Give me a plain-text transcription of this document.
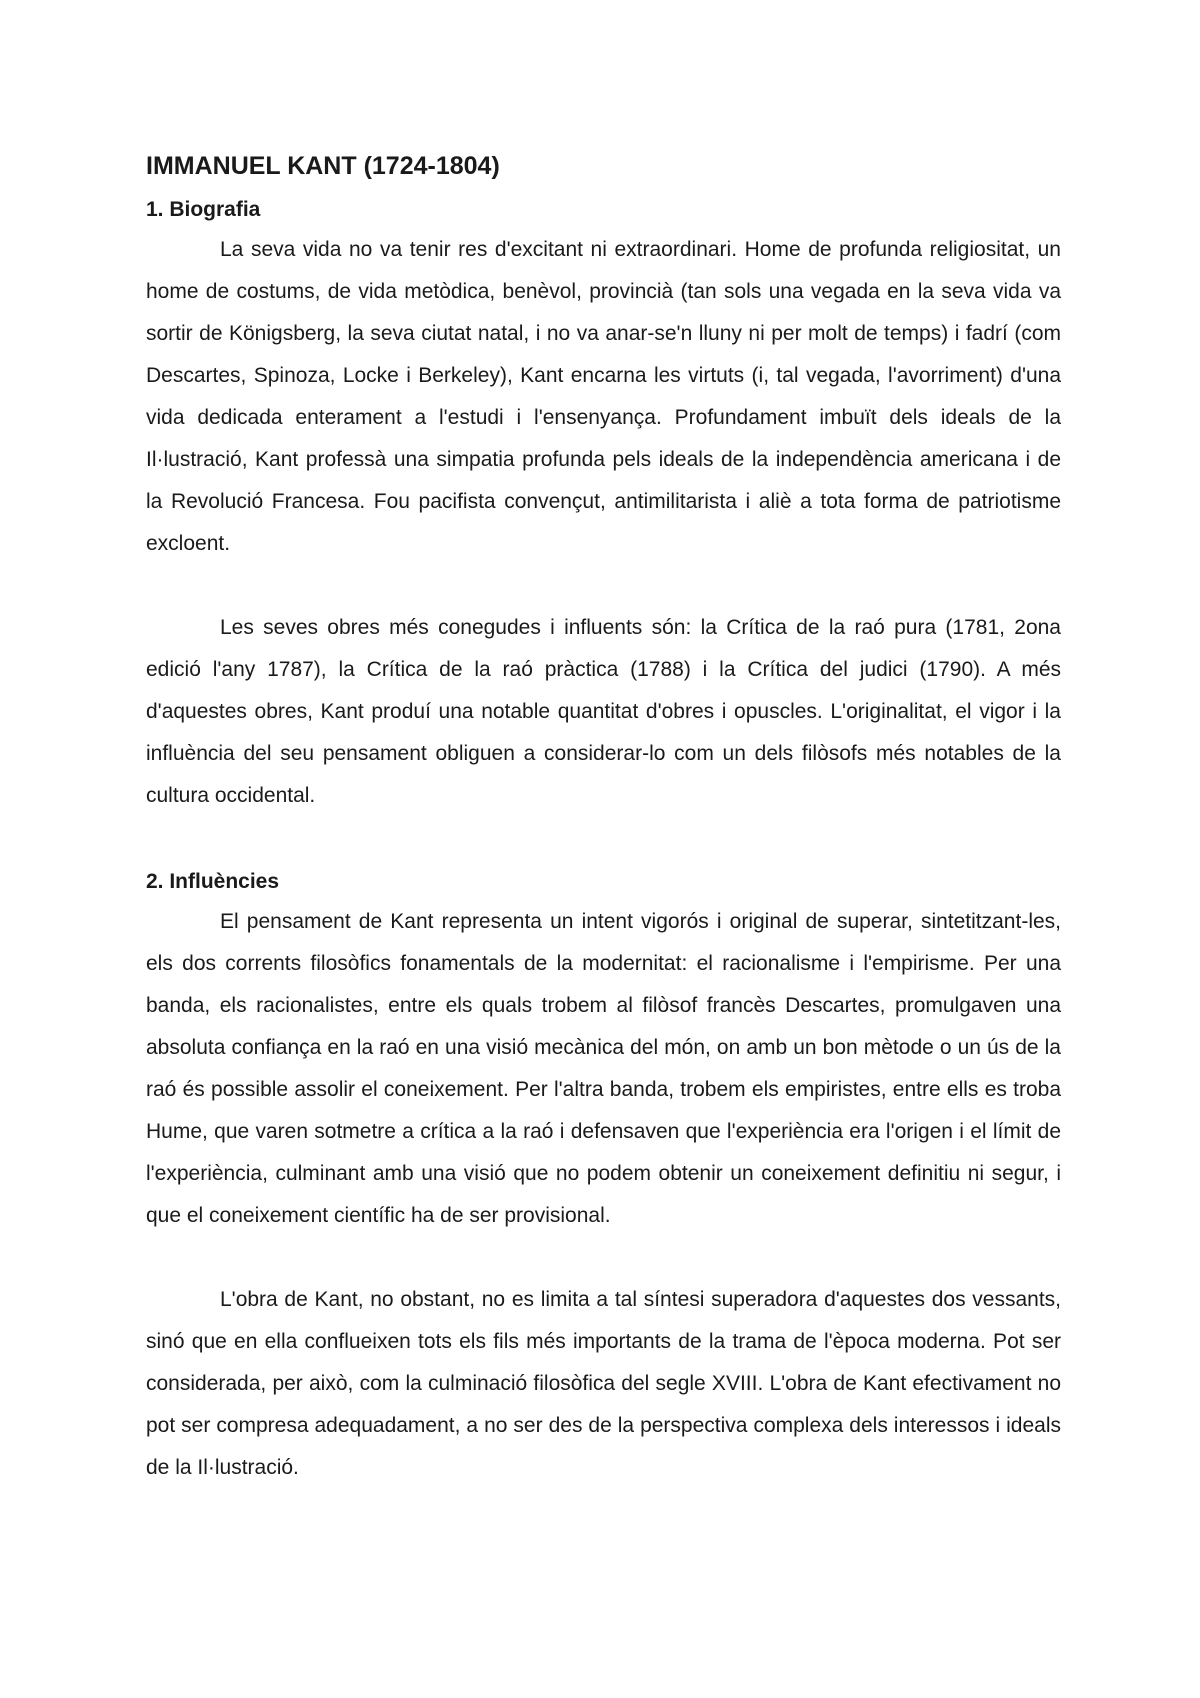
IMMANUEL KANT (1724-1804)
1. Biografia

La seva vida no va tenir res d'excitant ni extraordinari. Home de profunda religiositat, un home de costums, de vida metòdica, benèvol, provincià (tan sols una vegada en la seva vida va sortir de Königsberg, la seva ciutat natal, i no va anar-se'n lluny ni per molt de temps) i fadrí (com Descartes, Spinoza, Locke i Berkeley), Kant encarna les virtuts (i, tal vegada, l'avorriment) d'una vida dedicada enterament a l'estudi i l'ensenyança. Profundament imbuït dels ideals de la Il·lustració, Kant professà una simpatia profunda pels ideals de la independència americana i de la Revolució Francesa. Fou pacifista convençut, antimilitarista i aliè a tota forma de patriotisme excloent.

Les seves obres més conegudes i influents són: la Crítica de la raó pura (1781, 2ona edició l'any 1787), la Crítica de la raó pràctica (1788) i la Crítica del judici (1790). A més d'aquestes obres, Kant produí una notable quantitat d'obres i opuscles. L'originalitat, el vigor i la influència del seu pensament obliguen a considerar-lo com un dels filòsofs més notables de la cultura occidental.

2. Influències

El pensament de Kant representa un intent vigorós i original de superar, sintetitzant-les, els dos corrents filosòfics fonamentals de la modernitat: el racionalisme i l'empirisme. Per una banda, els racionalistes, entre els quals trobem al filòsof francès Descartes, promulgaven una absoluta confiança en la raó en una visió mecànica del món, on amb un bon mètode o un ús de la raó és possible assolir el coneixement. Per l'altra banda, trobem els empiristes, entre ells es troba Hume, que varen sotmetre a crítica a la raó i defensaven que l'experiència era l'origen i el límit de l'experiència, culminant amb una visió que no podem obtenir un coneixement definitiu ni segur, i que el coneixement científic ha de ser provisional.

L'obra de Kant, no obstant, no es limita a tal síntesi superadora d'aquestes dos vessants, sinó que en ella conflueixen tots els fils més importants de la trama de l'època moderna. Pot ser considerada, per això, com la culminació filosòfica del segle XVIII. L'obra de Kant efectivament no pot ser compresa adequadament, a no ser des de la perspectiva complexa dels interessos i ideals de la Il·lustració.
